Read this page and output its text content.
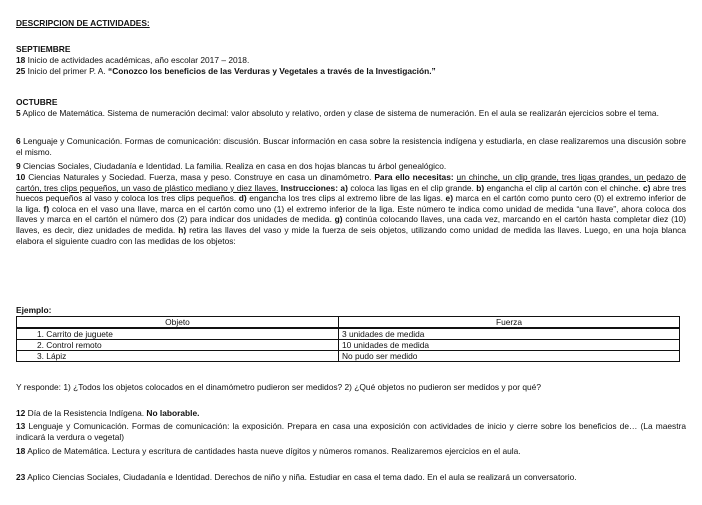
DESCRIPCION DE ACTIVIDADES:
SEPTIEMBRE
18 Inicio de actividades académicas, año escolar 2017 – 2018.
25 Inicio del primer P. A. “Conozco los beneficios de las Verduras y Vegetales a través de la Investigación.”
OCTUBRE

5 Aplico de Matemática. Sistema de numeración decimal: valor absoluto y relativo, orden y clase de sistema de numeración. En el aula se realizarán ejercicios sobre el tema.

6 Lenguaje y Comunicación. Formas de comunicación: discusión. Buscar información en casa sobre la resistencia indígena y estudiarla, en clase realizaremos una discusión sobre el mismo.

9 Ciencias Sociales, Ciudadanía e Identidad. La familia. Realiza en casa en dos hojas blancas tu árbol genealógico.

10 Ciencias Naturales y Sociedad. Fuerza, masa y peso. Construye en casa un dinamómetro. Para ello necesitas: un chinche, un clip grande, tres ligas grandes, un pedazo de cartón, tres clips pequeños, un vaso de plástico mediano y diez llaves. Instrucciones: a) coloca las ligas en el clip grande. b) engancha el clip al cartón con el chinche. c) abre tres huecos pequeños al vaso y coloca los tres clips pequeños. d) engancha los tres clips al extremo libre de las ligas. e) marca en el cartón como punto cero (0) el extremo inferior de la liga. f) coloca en el vaso una llave, marca en el cartón como uno (1) el extremo inferior de la liga. Este número te indica como unidad de medida “una llave”, ahora coloca dos llaves y marca en el cartón el número dos (2) para indicar dos unidades de medida. g) continúa colocando llaves, una cada vez, marcando en el cartón hasta completar diez (10) llaves, es decir, diez unidades de medida. h) retira las llaves del vaso y mide la fuerza de seis objetos, utilizando como unidad de medida las llaves. Luego, en una hoja blanca elabora el siguiente cuadro con las medidas de los objetos:

Ejemplo:
Objeto	Fuerza
1. Carrito de juguete	3 unidades de medida
2. Control remoto	10 unidades de medida
3. Lápiz	No pudo ser medido

Y responde: 1) ¿Todos los objetos colocados en el dinamómetro pudieron ser medidos? 2) ¿Qué objetos no pudieron ser medidos y por qué?

12 Día de la Resistencia Indígena. No laborable.

13 Lenguaje y Comunicación. Formas de comunicación: la exposición. Prepara en casa una exposición con actividades de inicio y cierre sobre los beneficios de… (La maestra indicará la verdura o vegetal)

18 Aplico de Matemática. Lectura y escritura de cantidades hasta nueve dígitos y números romanos. Realizaremos ejercicios en el aula.

23 Aplico Ciencias Sociales, Ciudadanía e Identidad. Derechos de niño y niña. Estudiar en casa el tema dado. En el aula se realizará un conversatorio.
